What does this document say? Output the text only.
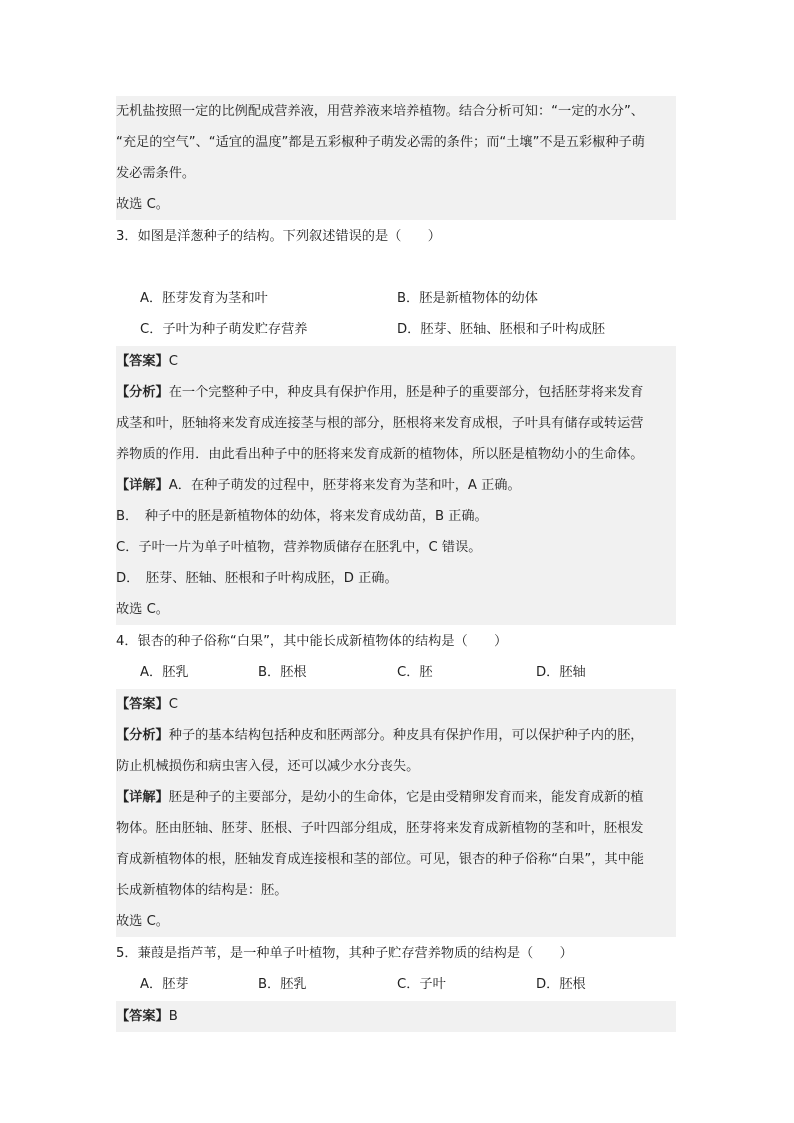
无机盐按照一定的比例配成营养液，用营养液来培养植物。结合分析可知：“一定的水分”、
“充足的空气”、“适宜的温度”都是五彩椒种子萌发必需的条件；而“土壤”不是五彩椒种子萌
发必需条件。
故选 C。
3．如图是洋葱种子的结构。下列叙述错误的是（　　）
A．胚芽发育为茎和叶	B．胚是新植物体的幼体
C．子叶为种子萌发贮存营养	D．胚芽、胚轴、胚根和子叶构成胚
【答案】C
【分析】在一个完整种子中，种皮具有保护作用，胚是种子的重要部分，包括胚芽将来发育
成茎和叶，胚轴将来发育成连接茎与根的部分，胚根将来发育成根，子叶具有储存或转运营
养物质的作用．由此看出种子中的胚将来发育成新的植物体，所以胚是植物幼小的生命体。
【详解】A．在种子萌发的过程中，胚芽将来发育为茎和叶，A 正确。
B．　种子中的胚是新植物体的幼体，将来发育成幼苗，B 正确。
C．子叶一片为单子叶植物，营养物质储存在胚乳中，C 错误。
D．　胚芽、胚轴、胚根和子叶构成胚，D 正确。
故选 C。
4．银杏的种子俗称“白果”，其中能长成新植物体的结构是（　　）
A．胚乳	B．胚根	C．胚	D．胚轴
【答案】C
【分析】种子的基本结构包括种皮和胚两部分。种皮具有保护作用，可以保护种子内的胚，
防止机械损伤和病虫害入侵，还可以减少水分丧失。
【详解】胚是种子的主要部分，是幼小的生命体，它是由受精卵发育而来，能发育成新的植
物体。胚由胚轴、胚芽、胚根、子叶四部分组成，胚芽将来发育成新植物的茎和叶，胚根发
育成新植物体的根，胚轴发育成连接根和茎的部位。可见，银杏的种子俗称“白果”，其中能
长成新植物体的结构是：胚。
故选 C。
5．蒹葭是指芦苇，是一种单子叶植物，其种子贮存营养物质的结构是（　　）
A．胚芽	B．胚乳	C．子叶	D．胚根
【答案】B
